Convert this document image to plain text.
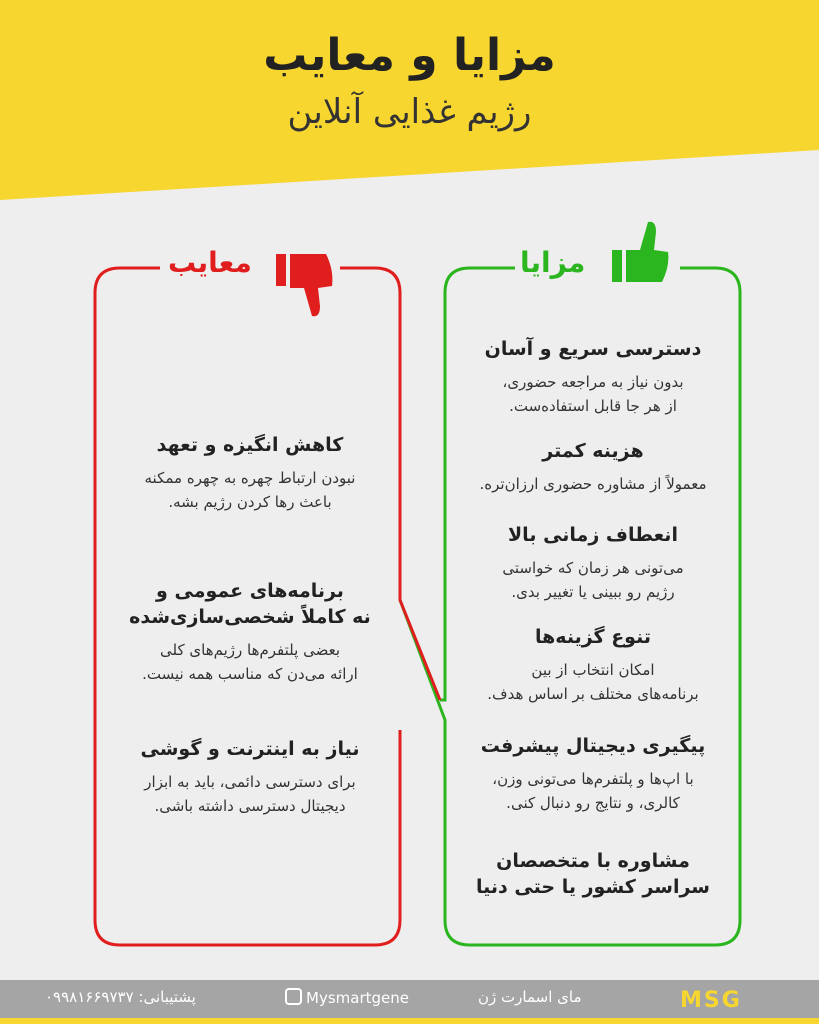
مزایا و معایب
رژیم غذایی آنلاین
مزایا
معایب
دسترسی سریع و آسان
بدون نیاز به مراجعه حضوری،
از هر جا قابل استفاده‌ست.
هزینه کمتر
معمولاً از مشاوره حضوری ارزان‌تره.
انعطاف زمانی بالا
می‌تونی هر زمان که خواستی
رژیم رو ببینی یا تغییر بدی.
تنوع گزینه‌ها
امکان انتخاب از بین
برنامه‌های مختلف بر اساس هدف.
پیگیری دیجیتال پیشرفت
با اپ‌ها و پلتفرم‌ها می‌تونی وزن،
کالری، و نتایج رو دنبال کنی.
مشاوره با متخصصان
سراسر کشور یا حتی دنیا
کاهش انگیزه و تعهد
نبودن ارتباط چهره به چهره ممکنه
باعث رها کردن رژیم بشه.
برنامه‌های عمومی و
نه کاملاً شخصی‌سازی‌شده
بعضی پلتفرم‌ها رژیم‌های کلی
ارائه می‌دن که مناسب همه نیست.
نیاز به اینترنت و گوشی
برای دسترسی دائمی، باید به ابزار
دیجیتال دسترسی داشته باشی.
پشتیبانی: ۰۹۹۸۱۶۶۹۷۳۷	Mysmartgene	مای اسمارت ژن	MSG
